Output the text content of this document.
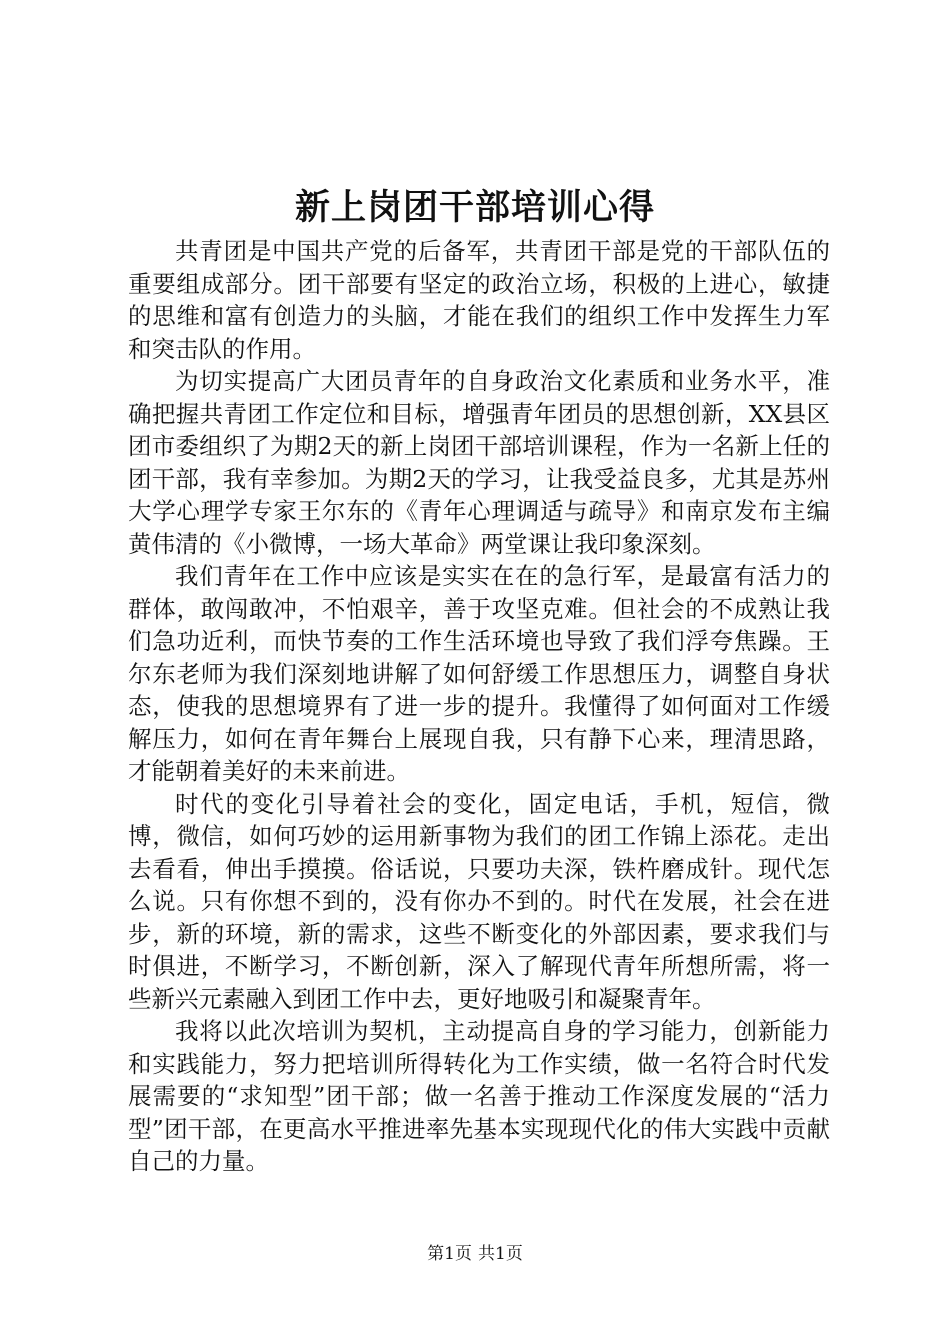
新上岗团干部培训心得

共青团是中国共产党的后备军，共青团干部是党的干部队伍的重要组成部分。团干部要有坚定的政治立场，积极的上进心，敏捷的思维和富有创造力的头脑，才能在我们的组织工作中发挥生力军和突击队的作用。

为切实提高广大团员青年的自身政治文化素质和业务水平，准确把握共青团工作定位和目标，增强青年团员的思想创新，XX县区团市委组织了为期2天的新上岗团干部培训课程，作为一名新上任的团干部，我有幸参加。为期2天的学习，让我受益良多，尤其是苏州大学心理学专家王尔东的《青年心理调适与疏导》和南京发布主编黄伟清的《小微博，一场大革命》两堂课让我印象深刻。

我们青年在工作中应该是实实在在的急行军，是最富有活力的群体，敢闯敢冲，不怕艰辛，善于攻坚克难。但社会的不成熟让我们急功近利，而快节奏的工作生活环境也导致了我们浮夸焦躁。王尔东老师为我们深刻地讲解了如何舒缓工作思想压力，调整自身状态，使我的思想境界有了进一步的提升。我懂得了如何面对工作缓解压力，如何在青年舞台上展现自我，只有静下心来，理清思路，才能朝着美好的未来前进。

时代的变化引导着社会的变化，固定电话，手机，短信，微博，微信，如何巧妙的运用新事物为我们的团工作锦上添花。走出去看看，伸出手摸摸。俗话说，只要功夫深，铁杵磨成针。现代怎么说。只有你想不到的，没有你办不到的。时代在发展，社会在进步，新的环境，新的需求，这些不断变化的外部因素，要求我们与时俱进，不断学习，不断创新，深入了解现代青年所想所需，将一些新兴元素融入到团工作中去，更好地吸引和凝聚青年。

我将以此次培训为契机，主动提高自身的学习能力，创新能力和实践能力，努力把培训所得转化为工作实绩，做一名符合时代发展需要的“求知型”团干部；做一名善于推动工作深度发展的“活力型”团干部，在更高水平推进率先基本实现现代化的伟大实践中贡献自己的力量。

第1页 共1页
